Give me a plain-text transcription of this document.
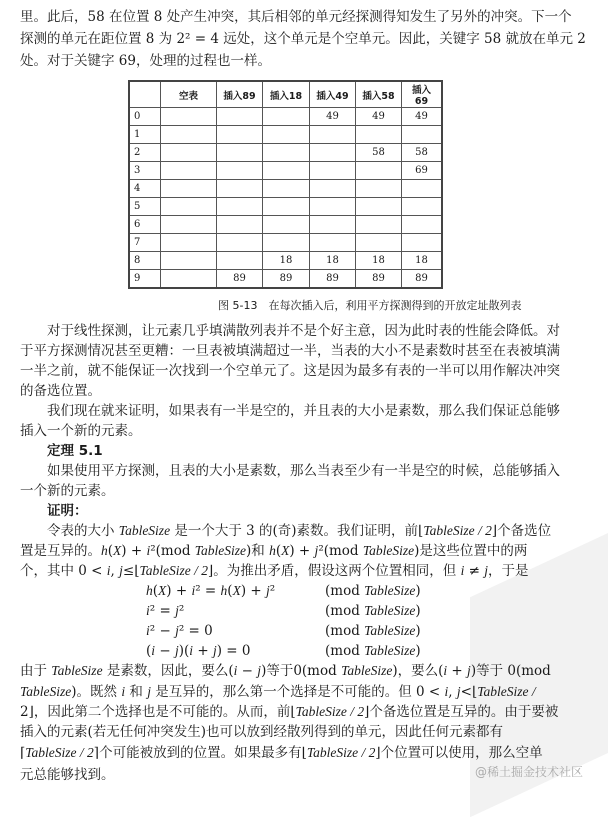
里。此后，58 在位置 8 处产生冲突，其后相邻的单元经探测得知发生了另外的冲突。下一个
探测的单元在距位置 8 为 2² = 4 远处，这个单元是个空单元。因此，关键字 58 就放在单元 2
处。对于关键字 69，处理的过程也一样。
	空表	插入89	插入18	插入49	插入58	插入69
0				49	49	49
1						
2					58	58
3						69
4						
5						
6						
7						
8			18	18	18	18
9		89	89	89	89	89
图 5-13　在每次插入后，利用平方探测得到的开放定址散列表
　　对于线性探测，让元素几乎填满散列表并不是个好主意，因为此时表的性能会降低。对
于平方探测情况甚至更糟：一旦表被填满超过一半，当表的大小不是素数时甚至在表被填满
一半之前，就不能保证一次找到一个空单元了。这是因为最多有表的一半可以用作解决冲突
的备选位置。
　　我们现在就来证明，如果表有一半是空的，并且表的大小是素数，那么我们保证总能够
插入一个新的元素。
　　定理 5.1
　　如果使用平方探测，且表的大小是素数，那么当表至少有一半是空的时候，总能够插入
一个新的元素。
　　证明：
　　令表的大小 TableSize 是一个大于 3 的(奇)素数。我们证明，前⌊TableSize / 2⌋个备选位
置是互异的。h(X) + i²(mod TableSize)和 h(X) + j²(mod TableSize)是这些位置中的两
个，其中 0 < i, j≤⌊TableSize / 2⌋。为推出矛盾，假设这两个位置相同，但 i ≠ j，于是
h(X) + i² = h(X) + j²	(mod TableSize)
i² = j²	(mod TableSize)
i² − j² = 0	(mod TableSize)
(i − j)(i + j) = 0	(mod TableSize)
由于 TableSize 是素数，因此，要么(i − j)等于0(mod TableSize)，要么(i + j)等于 0(mod
TableSize)。既然 i 和 j 是互异的，那么第一个选择是不可能的。但 0 < i, j<⌊TableSize /
2⌋，因此第二个选择也是不可能的。从而，前⌊TableSize / 2⌋个备选位置是互异的。由于要被
插入的元素(若无任何冲突发生)也可以放到经散列得到的单元，因此任何元素都有
⌈TableSize / 2⌉个可能被放到的位置。如果最多有⌊TableSize / 2⌋个位置可以使用，那么空单
元总能够找到。	@稀土掘金技术社区
